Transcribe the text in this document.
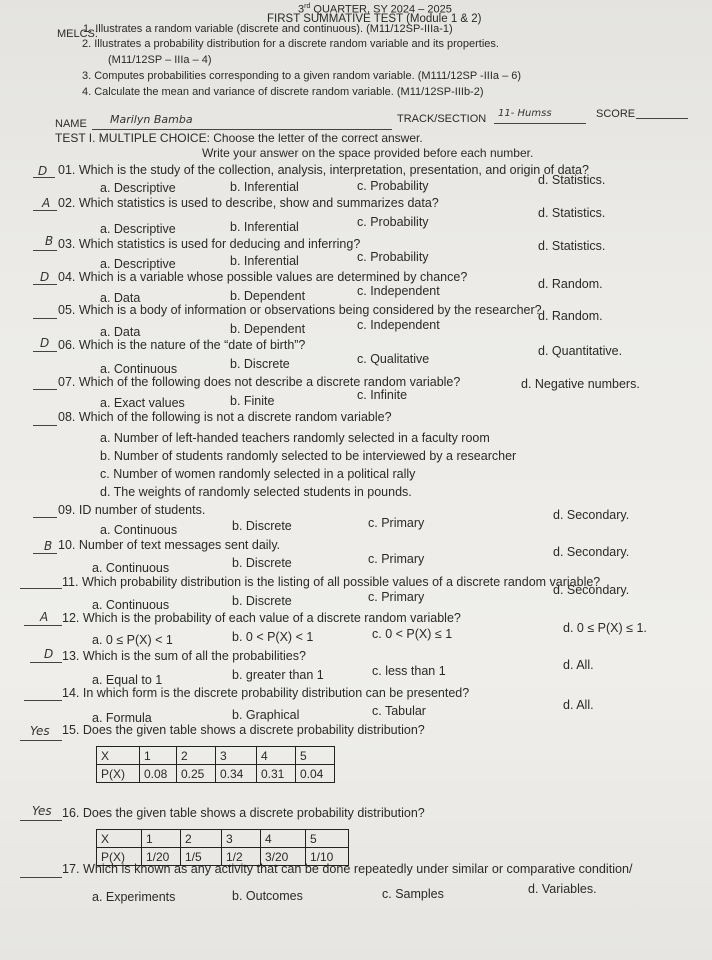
3rd QUARTER, SY 2024 – 2025
FIRST SUMMATIVE TEST (Module 1 & 2)
MELCS:
1. Illustrates a random variable (discrete and continuous). (M11/12SP-IIIa-1)
2. Illustrates a probability distribution for a discrete random variable and its properties.
(M11/12SP – IIIa – 4)
3. Computes probabilities corresponding to a given random variable. (M111/12SP -IIIa – 6)
4. Calculate the mean and variance of discrete random variable. (M11/12SP-IIIb-2)
NAME Marilyn Bamba	TRACK/SECTION 11- Humss	SCORE
TEST I. MULTIPLE CHOICE: Choose the letter of the correct answer.
Write your answer on the space provided before each number.
D 01. Which is the study of the collection, analysis, interpretation, presentation, and origin of data?
a. Descriptive	b. Inferential	c. Probability	d. Statistics.
A 02. Which statistics is used to describe, show and summarizes data?
a. Descriptive	b. Inferential	c. Probability
d. Statistics.
B 03. Which statistics is used for deducing and inferring?
a. Descriptive	b. Inferential	c. Probability
d. Statistics.
D 04. Which is a variable whose possible values are determined by chance?
a. Data	b. Dependent	c. Independent	d. Random.
05. Which is a body of information or observations being considered by the researcher?
a. Data	b. Dependent	c. Independent
d. Random.
D 06. Which is the nature of the “date of birth”?
a. Continuous	b. Discrete	c. Qualitative
d. Quantitative.
07. Which of the following does not describe a discrete random variable?
a. Exact values	b. Finite	c. Infinite
d. Negative numbers.
08. Which of the following is not a discrete random variable?
a. Number of left-handed teachers randomly selected in a faculty room
b. Number of students randomly selected to be interviewed by a researcher
c. Number of women randomly selected in a political rally
d. The weights of randomly selected students in pounds.
09. ID number of students.
a. Continuous	b. Discrete	c. Primary
d. Secondary.
B 10. Number of text messages sent daily.
a. Continuous	b. Discrete	c. Primary	d. Secondary.
11. Which probability distribution is the listing of all possible values of a discrete random variable?
a. Continuous	b. Discrete	c. Primary	d. Secondary.
A 12. Which is the probability of each value of a discrete random variable?
a. 0 ≤ P(X) < 1	b. 0 < P(X) < 1	c. 0 < P(X) ≤ 1	d. 0 ≤ P(X) ≤ 1.
D 13. Which is the sum of all the probabilities?
a. Equal to 1	b. greater than 1	c. less than 1	d. All.
14. In which form is the discrete probability distribution can be presented?
a. Formula	b. Graphical	c. Tabular	d. All.
Yes 15. Does the given table shows a discrete probability distribution?
X	1	2	3	4	5
P(X)	0.08	0.25	0.34	0.31	0.04
Yes 16. Does the given table shows a discrete probability distribution?
X	1	2	3	4	5
P(X)	1/20	1/5	1/2	3/20	1/10
17. Which is known as any activity that can be done repeatedly under similar or comparative condition/
a. Experiments	b. Outcomes	c. Samples	d. Variables.
